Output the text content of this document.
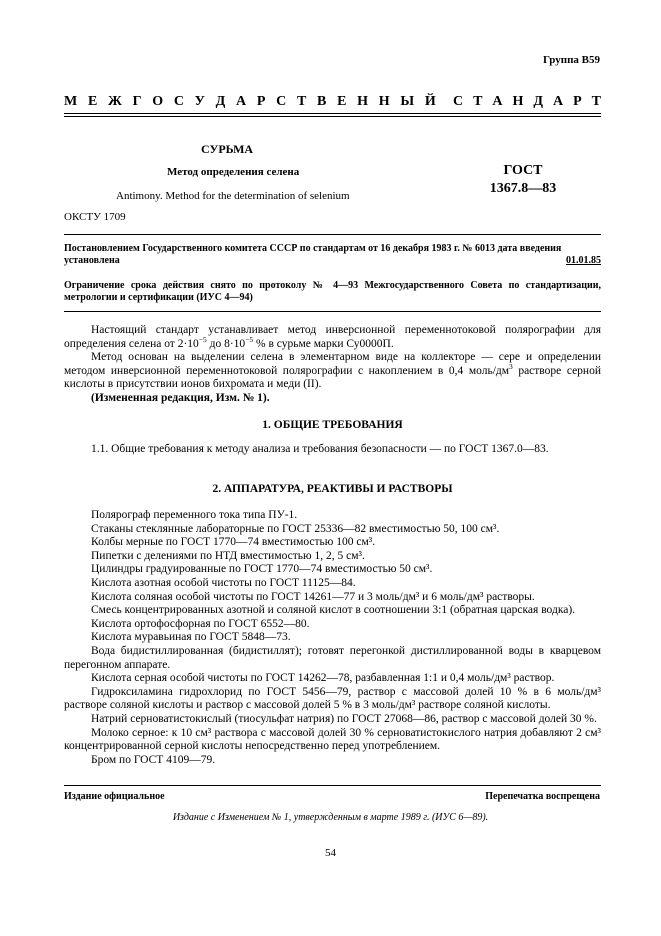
Группа В59
М Е Ж Г О С У Д А Р С Т В Е Н Н Ы Й С Т А Н Д А Р Т
СУРЬМА
Метод определения селена
Antimony. Method for the determination of selenium
ГОСТ
1367.8—83
ОКСТУ 1709
Постановлением Государственного комитета СССР по стандартам от 16 декабря 1983 г. № 6013 дата введения
установлена	01.01.85
Ограничение срока действия снято по протоколу № 4—93 Межгосударственного Совета по стандартизации, метрологии и сертификации (ИУС 4—94)
Настоящий стандарт устанавливает метод инверсионной переменнотоковой полярографии для определения селена от $2\cdot 10^{-5}$ до $8\cdot 10^{-5}$ % в сурьме марки Су0000П.
Метод основан на выделении селена в элементарном виде на коллекторе — сере и определении методом инверсионной переменнотоковой полярографии с накоплением в 0,4 моль/$дм^3$ растворе серной кислоты в присутствии ионов бихромата и меди (II).
(Измененная редакция, Изм. № 1).
1. ОБЩИЕ ТРЕБОВАНИЯ
1.1. Общие требования к методу анализа и требования безопасности — по ГОСТ 1367.0—83.
2. АППАРАТУРА, РЕАКТИВЫ И РАСТВОРЫ
Полярограф переменного тока типа ПУ-1.
Стаканы стеклянные лабораторные по ГОСТ 25336—82 вместимостью 50, 100 см³.
Колбы мерные по ГОСТ 1770—74 вместимостью 100 см³.
Пипетки с делениями по НТД вместимостью 1, 2, 5 см³.
Цилиндры градуированные по ГОСТ 1770—74 вместимостью 50 см³.
Кислота азотная особой чистоты по ГОСТ 11125—84.
Кислота соляная особой чистоты по ГОСТ 14261—77 и 3 моль/дм³ и 6 моль/дм³ растворы.
Смесь концентрированных азотной и соляной кислот в соотношении 3:1 (обратная царская водка).
Кислота ортофосфорная по ГОСТ 6552—80.
Кислота муравьиная по ГОСТ 5848—73.
Вода бидистиллированная (бидистиллят); готовят перегонкой дистиллированной воды в кварцевом перегонном аппарате.
Кислота серная особой чистоты по ГОСТ 14262—78, разбавленная 1:1 и 0,4 моль/дм³ раствор.
Гидроксиламина гидрохлорид по ГОСТ 5456—79, раствор с массовой долей 10 % в 6 моль/дм³ растворе соляной кислоты и раствор с массовой долей 5 % в 3 моль/дм³ растворе соляной кислоты.
Натрий серноватистокислый (тиосульфат натрия) по ГОСТ 27068—86, раствор с массовой долей 30 %.
Молоко серное: к 10 см³ раствора с массовой долей 30 % серноватистокислого натрия добавляют 2 см³ концентрированной серной кислоты непосредственно перед употреблением.
Бром по ГОСТ 4109—79.
Издание официальное	Перепечатка воспрещена
Издание с Изменением № 1, утвержденным в марте 1989 г. (ИУС 6—89).
54
